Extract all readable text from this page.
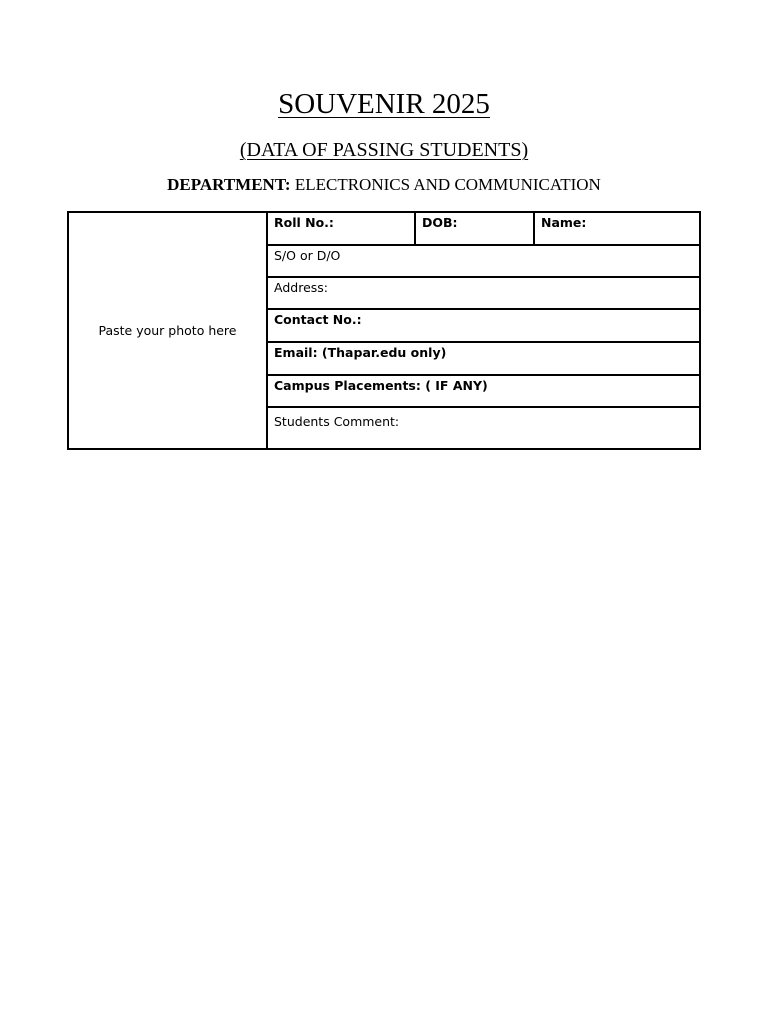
SOUVENIR 2025
(DATA OF PASSING STUDENTS)
DEPARTMENT: ELECTRONICS AND COMMUNICATION
Paste your photo here
Roll No.:	DOB:	Name:
S/O or D/O
Address:
Contact No.:
Email: (Thapar.edu only)
Campus Placements: ( IF ANY)
Students Comment:
